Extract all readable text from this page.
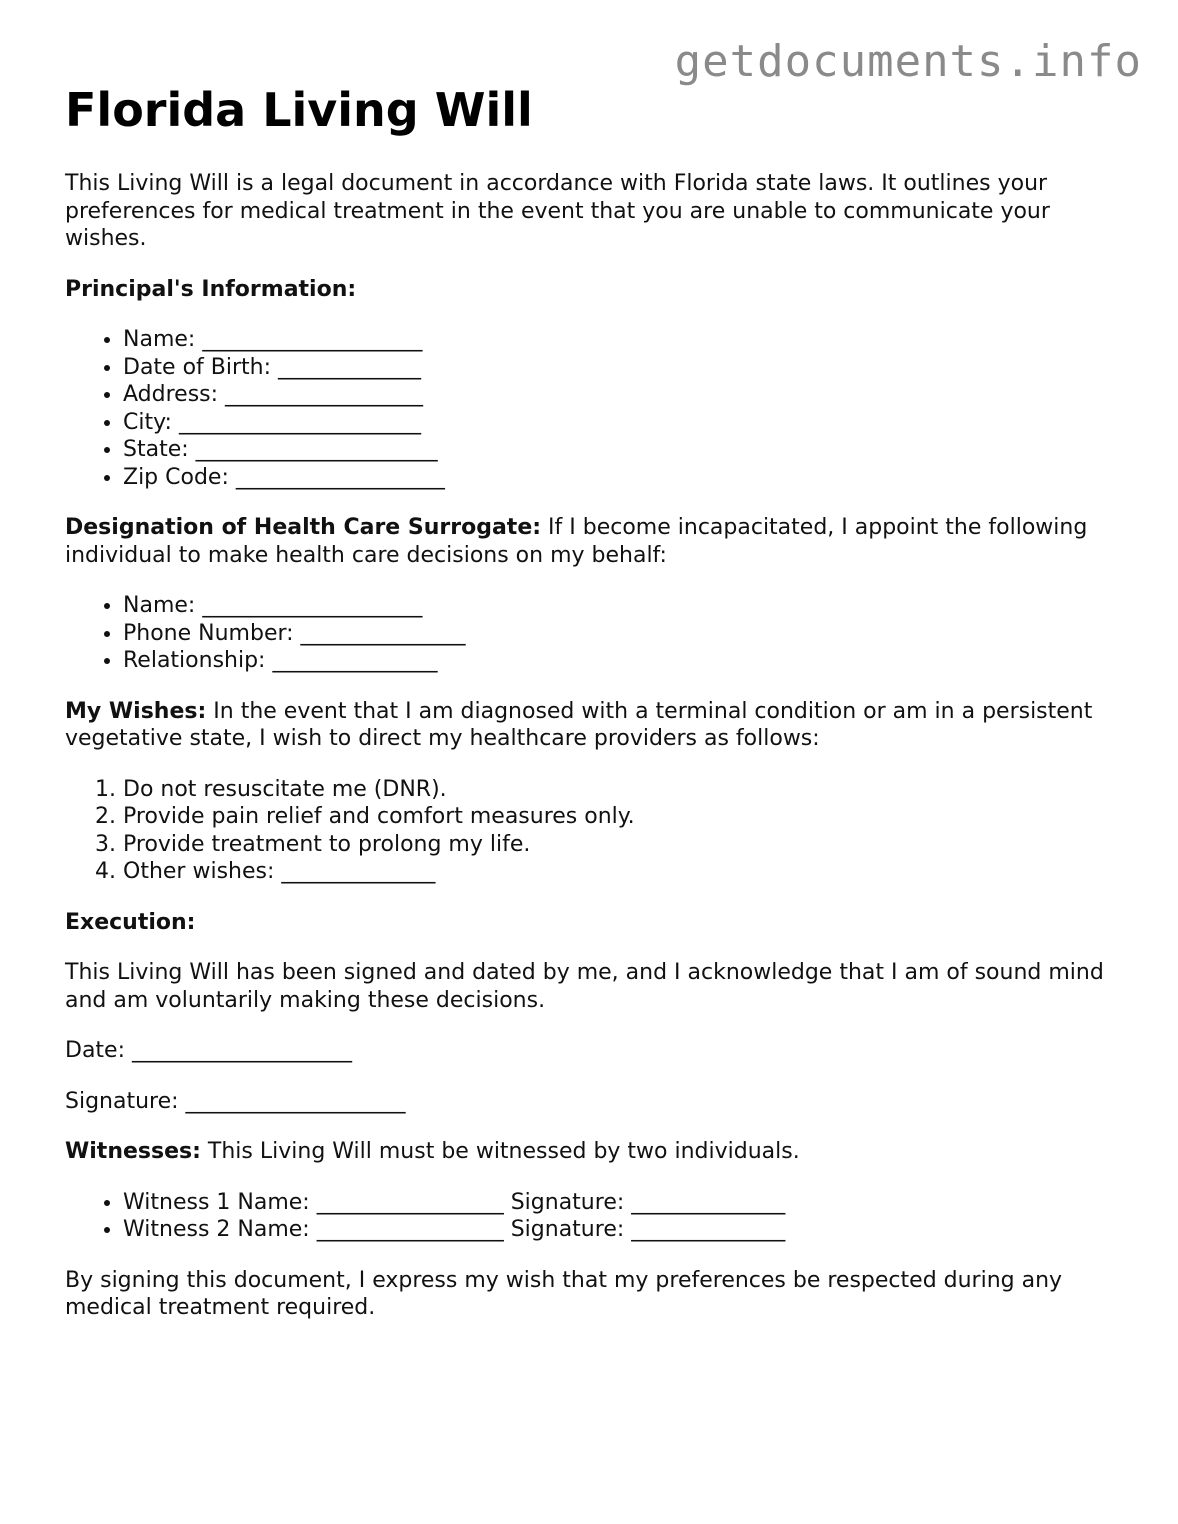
getdocuments.info
Florida Living Will

This Living Will is a legal document in accordance with Florida state laws. It outlines your preferences for medical treatment in the event that you are unable to communicate your wishes.

Principal's Information:

• Name: ____________________
• Date of Birth: _____________
• Address: __________________
• City: ______________________
• State: ______________________
• Zip Code: ___________________

Designation of Health Care Surrogate: If I become incapacitated, I appoint the following individual to make health care decisions on my behalf:

• Name: ____________________
• Phone Number: _______________
• Relationship: _______________

My Wishes: In the event that I am diagnosed with a terminal condition or am in a persistent vegetative state, I wish to direct my healthcare providers as follows:

1. Do not resuscitate me (DNR).
2. Provide pain relief and comfort measures only.
3. Provide treatment to prolong my life.
4. Other wishes: ______________

Execution:

This Living Will has been signed and dated by me, and I acknowledge that I am of sound mind and am voluntarily making these decisions.

Date: ____________________

Signature: ____________________

Witnesses: This Living Will must be witnessed by two individuals.

• Witness 1 Name: _________________ Signature: ______________
• Witness 2 Name: _________________ Signature: ______________

By signing this document, I express my wish that my preferences be respected during any medical treatment required.
